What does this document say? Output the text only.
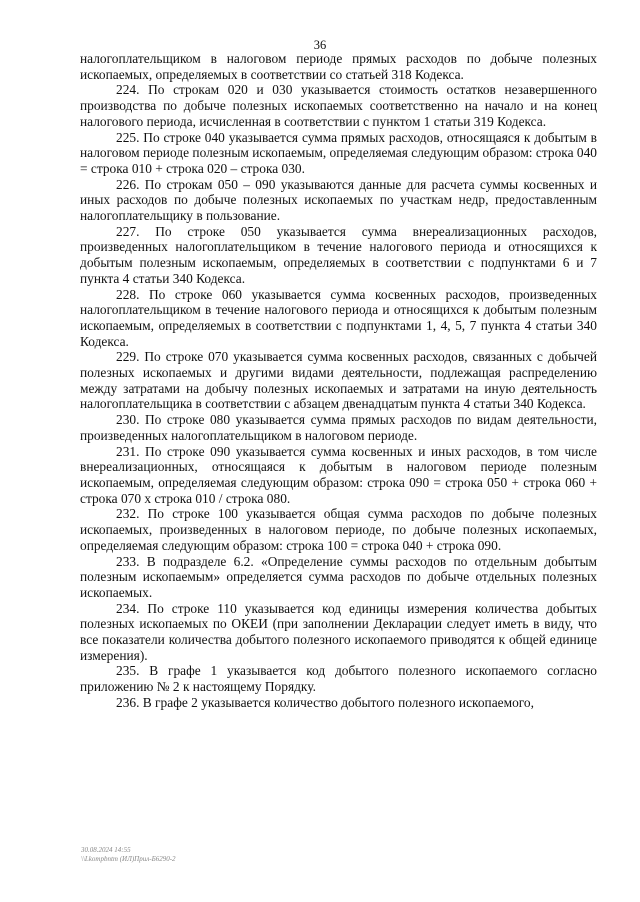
36

налогоплательщиком в налоговом периоде прямых расходов по добыче полезных ископаемых, определяемых в соответствии со статьей 318 Кодекса.

224. По строкам 020 и 030 указывается стоимость остатков незавершенного производства по добыче полезных ископаемых соответственно на начало и на конец налогового периода, исчисленная в соответствии с пунктом 1 статьи 319 Кодекса.

225. По строке 040 указывается сумма прямых расходов, относящаяся к добытым в налоговом периоде полезным ископаемым, определяемая следующим образом: строка 040 = строка 010 + строка 020 – строка 030.

226. По строкам 050 – 090 указываются данные для расчета суммы косвенных и иных расходов по добыче полезных ископаемых по участкам недр, предоставленным налогоплательщику в пользование.

227. По строке 050 указывается сумма внереализационных расходов, произведенных налогоплательщиком в течение налогового периода и относящихся к добытым полезным ископаемым, определяемых в соответствии с подпунктами 6 и 7 пункта 4 статьи 340 Кодекса.

228. По строке 060 указывается сумма косвенных расходов, произведенных налогоплательщиком в течение налогового периода и относящихся к добытым полезным ископаемым, определяемых в соответствии с подпунктами 1, 4, 5, 7 пункта 4 статьи 340 Кодекса.

229. По строке 070 указывается сумма косвенных расходов, связанных с добычей полезных ископаемых и другими видами деятельности, подлежащая распределению между затратами на добычу полезных ископаемых и затратами на иную деятельность налогоплательщика в соответствии с абзацем двенадцатым пункта 4 статьи 340 Кодекса.

230. По строке 080 указывается сумма прямых расходов по видам деятельности, произведенных налогоплательщиком в налоговом периоде.

231. По строке 090 указывается сумма косвенных и иных расходов, в том числе внереализационных, относящаяся к добытым в налоговом периоде полезным ископаемым, определяемая следующим образом: строка 090 = строка 050 + строка 060 + строка 070 х строка 010 / строка 080.

232. По строке 100 указывается общая сумма расходов по добыче полезных ископаемых, произведенных в налоговом периоде, по добыче полезных ископаемых, определяемая следующим образом: строка 100 = строка 040 + строка 090.

233. В подразделе 6.2. «Определение суммы расходов по отдельным добытым полезным ископаемым» определяется сумма расходов по добыче отдельных полезных ископаемых.

234. По строке 110 указывается код единицы измерения количества добытых полезных ископаемых по ОКЕИ (при заполнении Декларации следует иметь в виду, что все показатели количества добытого полезного ископаемого приводятся к общей единице измерения).

235. В графе 1 указывается код добытого полезного ископаемого согласно приложению № 2 к настоящему Порядку.

236. В графе 2 указывается количество добытого полезного ископаемого,

30.08.2024 14:55
\\Lkompbntm (ИЛ)Прил-Б6290-2
